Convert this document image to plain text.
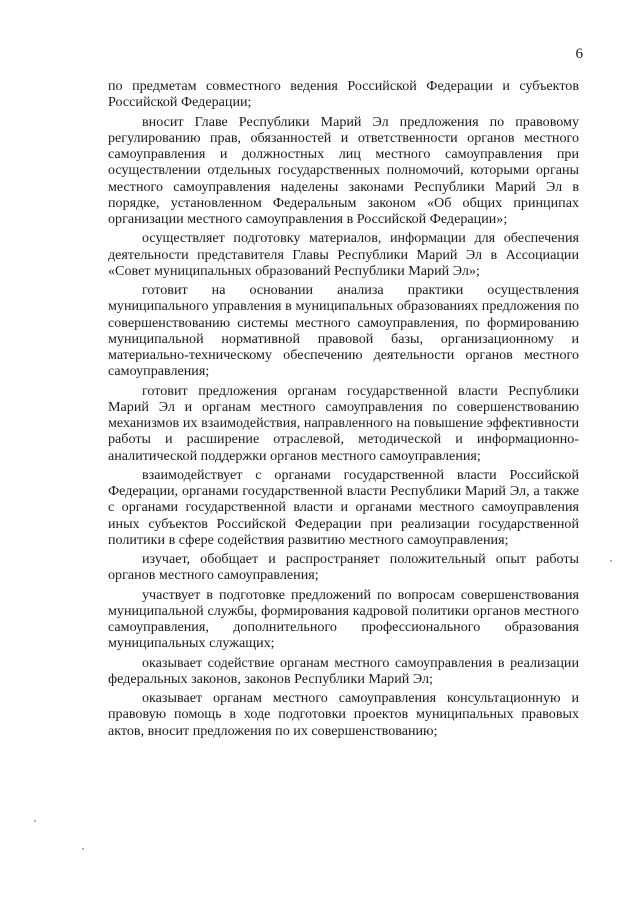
6

по предметам совместного ведения Российской Федерации и субъектов Российской Федерации;

вносит Главе Республики Марий Эл предложения по правовому регулированию прав, обязанностей и ответственности органов местного самоуправления и должностных лиц местного самоуправления при осуществлении отдельных государственных полномочий, которыми органы местного самоуправления наделены законами Республики Марий Эл в порядке, установленном Федеральным законом «Об общих принципах организации местного самоуправления в Российской Федерации»;

осуществляет подготовку материалов, информации для обеспечения деятельности представителя Главы Республики Марий Эл в Ассоциации «Совет муниципальных образований Республики Марий Эл»;

готовит на основании анализа практики осуществления муниципального управления в муниципальных образованиях предложения по совершенствованию системы местного самоуправления, по формированию муниципальной нормативной правовой базы, организационному и материально-техническому обеспечению деятельности органов местного самоуправления;

готовит предложения органам государственной власти Республики Марий Эл и органам местного самоуправления по совершенствованию механизмов их взаимодействия, направленного на повышение эффективности работы и расширение отраслевой, методической и информационно-аналитической поддержки органов местного самоуправления;

взаимодействует с органами государственной власти Российской Федерации, органами государственной власти Республики Марий Эл, а также с органами государственной власти и органами местного самоуправления иных субъектов Российской Федерации при реализации государственной политики в сфере содействия развитию местного самоуправления;

изучает, обобщает и распространяет положительный опыт работы органов местного самоуправления;

участвует в подготовке предложений по вопросам совершенствования муниципальной службы, формирования кадровой политики органов местного самоуправления, дополнительного профессионального образования муниципальных служащих;

оказывает содействие органам местного самоуправления в реализации федеральных законов, законов Республики Марий Эл;

оказывает органам местного самоуправления консультационную и правовую помощь в ходе подготовки проектов муниципальных правовых актов, вносит предложения по их совершенствованию;
